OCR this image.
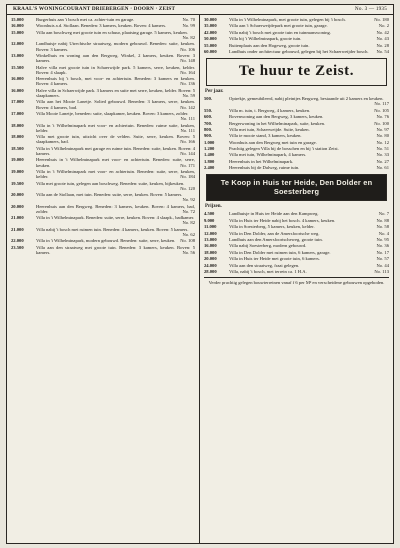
KRAAL'S WONINGCOURANT DRIEBERGEN · DOORN · ZEIST	No. 3 — 1935
15.000	Burgerhuis aan 't bosch met ca. achter-tuin en garage.	No. 70
16.000	Woonhuis a.d. Stollaan. Beneden: 3 kamers, keuken. Boven: 4 kamers.	No. 99
15.000	Villa aan boschweg met groote tuin en schuur, plaatsing garage. 5 kamers, keuken.
No. 82
12.000	Landhuisje nabij Utrechtsche straatweg, modern gebouwd. Beneden: suite, keuken. Boven: 3 kamers.	No. 106
13.000	Winkelhuis en woning aan den Bergweg. Winkel, 2 kamers, keuken. Boven: 3 kamers.	No. 148
15.500	Halve villa met groote tuin in Schaerwijde park. 5 kamers, serre, keuken, kelder. Boven: 4 slaapk.	No. 164
16.000	Heerenhuis bij 't bosch, met voor- en achtertuin. Beneden: 3 kamers en keuken. Boven: 4 kamers.	No. 136
16.000	Halve villa in Schaerwijde park. 3 kamers en suite met serre, keuken, kelder. Boven: 5 slaapkamers.	No. 59
17.000	Villa aan het Mooie Lanetje. Solied gebouwd. Beneden: 3 kamers, serre, keuken. Boven: 4 kamers, bad.	No. 142
17.000	Villa Mooie Lanetje, beneden: suite, slaapkamer, keuken. Boven: 3 kamers, zolder.
No. 111
18.000	Villa in 't Wilhelminapark met voor- en achtertuin. Beneden: ruime suite, keuken, kelder.	No. 111
18.000	Villa met groote tuin, uitzicht over de velden. Suite, serre, keuken. Boven: 5 slaapkamers, bad.	No. 166
18.500	Villa in 't Wilhelminapark met garage en ruime tuin. Beneden: suite, keuken. Boven: 4 kamers.	No. 144
19.000	Heerenhuis in 't Wilhelminapark met voor- en achtertuin. Beneden: suite, serre, keuken.	No. 171
19.000	Villa in 't Wilhelminapark met voor- en achtertuin. Beneden: suite, serre, keuken, kelder.	No. 184
19.500	Villa met groote tuin, gelegen aan boschweg. Beneden: suite, keuken, bijkeuken.
No. 120
20.000	Villa aan de Stollaan, met tuin. Beneden: suite, serre, keuken. Boven: 5 kamers.
No. 92
20.000	Heerenhuis aan den Bergweg. Beneden: 3 kamers, keuken. Boven: 4 kamers, bad, zolder.	No. 72
21.000	Villa in 't Wilhelminapark. Beneden: suite, serre, keuken. Boven: 4 slaapk., badkamer.
No. 82
21.000	Villa nabij 't bosch met ruimen tuin. Beneden: 4 kamers, keuken. Boven: 5 kamers.
No. 62
22.000	Villa in 't Wilhelminapark, modern gebouwd. Beneden: suite, serre, keuken. No. 108
23.500	Villa aan den straatweg met groote tuin. Beneden: 3 kamers, keuken. Boven: 5 kamers.	No. 56
30.000	Villa in 't Wilhelminapark, met groote tuin, gelegen bij 't bosch.	No. 180
35.000	Villa aan 't Schaerweijdepark met groote tuin, garage.	No. 2
42.000	Villa nabij 't bosch met groote tuin en tuinmanswoning.	No. 42
50.000	Villa bij 't Wilhelminapark, groote tuin.	No. 43
55.000	Buitenplaats aan den Hogeweg, groote tuin.	No. 28
60.000	Landhuis onder architectuur gebouwd, gelegen bij het Schaerweijder bosch. No. 54
Te huur te Zeist.
Per jaar.
500.	Optrekje, gemeubileerd, nabij pleintjes Bergweg, bestaande uit 2 kamers en keuken.
No. 117
550.	Villa m. tuin, t. Bergweg, 4 kamers, keuken.	No. 105
600.	Bovenwoning aan den Bergweg, 3 kamers, keuken.	No. 76
700.	Bergerwoning in het Wilhelminapark, suite, keuken.	No. 100
800.	Villa met tuin, Schaerweijde. Suite, keuken.	No. 97
900.	Villa te mooie stand, 3 kamers, keuken.	No. 80
1.000	Woonhuis aan den Bergweg met tuin en garage.	No. 12
1.200	Prachtig gelegen Villa bij de bosschen en bij 't station Zeist.	No. 51
1.400	Villa met tuin, Wilhelminapark, 4 kamers.	No. 33
1.800	Heerenhuis in het Wilhelminapark.	No. 27
2.400	Heerenhuis bij de Dalweg, ruime tuin.	No. 61
Te Koop in Huis ter Heide, Den Dolder en Soesterberg
Prijzen.
4.500	Landhuisje in Huis ter Heide aan den Kampweg.	No. 7
9.000	Villa in Huis ter Heide nabij het bosch. 4 kamers, keuken.	No. 88
11.000	Villa in Soesterberg, 5 kamers, keuken, kelder.	No. 58
12.000	Villa in Den Dolder, aan de Amersfoortsche weg.	No. 4
13.000	Landhuis aan den Amersfoortscheweg, groote tuin.	No. 95
16.000	Villa nabij Soesterberg, modern gebouwd.	No. 36
18.000	Villa in Den Dolder met ruimen tuin, 6 kamers, garage.	No. 17
20.000	Villa in Huis ter Heide met groote tuin, 6 kamers.	No. 57
24.000	Villa aan den straatweg, fraai gelegen.	No. 44
28.000	Villa, nabij 't bosch, met terrein ca. 1 H.A.	No. 113
Verder prachtig gelegen bouwterreinen vanaf f 6 per M² en verscheidene gebouwen opgeboden.
